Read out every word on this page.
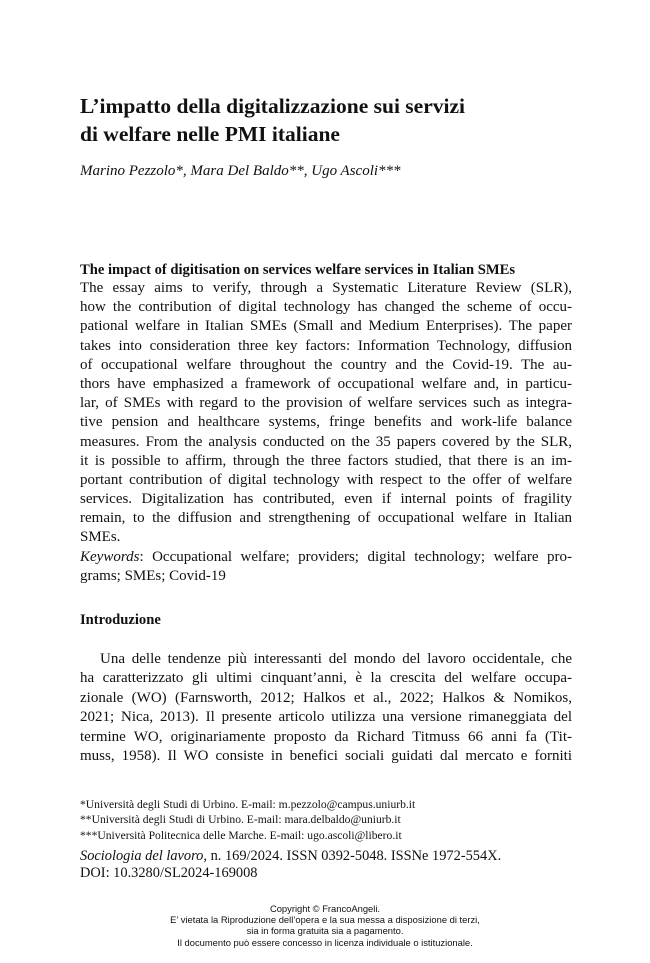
L’impatto della digitalizzazione sui servizi
di welfare nelle PMI italiane
Marino Pezzolo*, Mara Del Baldo**, Ugo Ascoli***
The impact of digitisation on services welfare services in Italian SMEs
The essay aims to verify, through a Systematic Literature Review (SLR),
how the contribution of digital technology has changed the scheme of occu-
pational welfare in Italian SMEs (Small and Medium Enterprises). The paper
takes into consideration three key factors: Information Technology, diffusion
of occupational welfare throughout the country and the Covid-19. The au-
thors have emphasized a framework of occupational welfare and, in particu-
lar, of SMEs with regard to the provision of welfare services such as integra-
tive pension and healthcare systems, fringe benefits and work-life balance
measures. From the analysis conducted on the 35 papers covered by the SLR,
it is possible to affirm, through the three factors studied, that there is an im-
portant contribution of digital technology with respect to the offer of welfare
services. Digitalization has contributed, even if internal points of fragility
remain, to the diffusion and strengthening of occupational welfare in Italian
SMEs.
Keywords: Occupational welfare; providers; digital technology; welfare pro-
grams; SMEs; Covid-19
Introduzione
Una delle tendenze più interessanti del mondo del lavoro occidentale, che
ha caratterizzato gli ultimi cinquant’anni, è la crescita del welfare occupa-
zionale (WO) (Farnsworth, 2012; Halkos et al., 2022; Halkos & Nomikos,
2021; Nica, 2013). Il presente articolo utilizza una versione rimaneggiata del
termine WO, originariamente proposto da Richard Titmuss 66 anni fa (Tit-
muss, 1958). Il WO consiste in benefici sociali guidati dal mercato e forniti
*Università degli Studi di Urbino. E-mail: m.pezzolo@campus.uniurb.it
**Università degli Studi di Urbino. E-mail: mara.delbaldo@uniurb.it
***Università Politecnica delle Marche. E-mail: ugo.ascoli@libero.it
Sociologia del lavoro, n. 169/2024. ISSN 0392-5048. ISSNe 1972-554X.
DOI: 10.3280/SL2024-169008
Copyright © FrancoAngeli.
E’ vietata la Riproduzione dell’opera e la sua messa a disposizione di terzi,
sia in forma gratuita sia a pagamento.
Il documento può essere concesso in licenza individuale o istituzionale.
